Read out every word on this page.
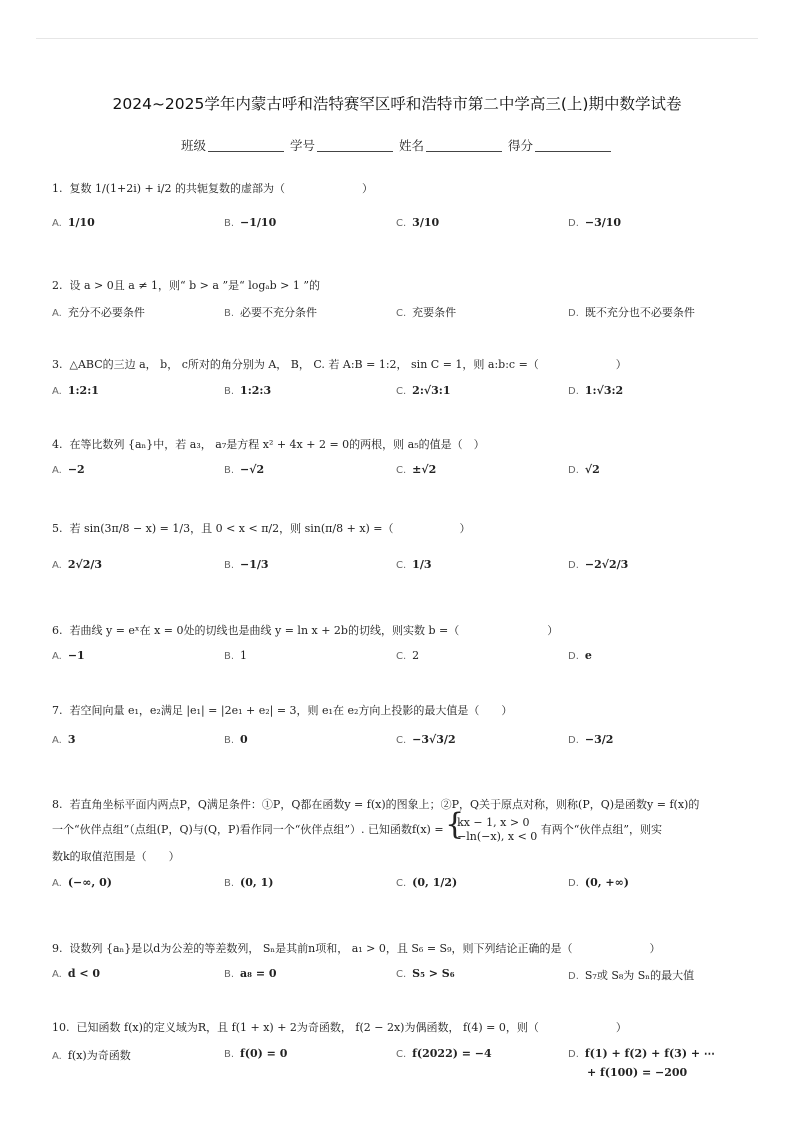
2024~2025学年内蒙古呼和浩特赛罕区呼和浩特市第二中学高三(上)期中数学试卷
班级	学号	姓名	得分
1. 复数 1/(1+2i) + i/2 的共轭复数的虚部为（　　　　　　　）
A. 1/10	B. −1/10	C. 3/10	D. −3/10
2. 设 a > 0且 a ≠ 1，则“ b > a ”是“ logₐb > 1 ”的
A. 充分不必要条件	B. 必要不充分条件	C. 充要条件	D. 既不充分也不必要条件
3. △ABC的三边 a， b， c所对的角分别为 A， B， C. 若 A:B = 1:2， sin C = 1，则 a:b:c =（　　　　　　　）
A. 1:2:1	B. 1:2:3	C. 2:√3:1	D. 1:√3:2
4. 在等比数列 {aₙ}中，若 a₃， a₇是方程 x² + 4x + 2 = 0的两根，则 a₅的值是（　）
A. −2	B. −√2	C. ±√2	D. √2
5. 若 sin(3π/8 − x) = 1/3，且 0 < x < π/2，则 sin(π/8 + x) =（　　　　　　）
A. 2√2/3	B. −1/3	C. 1/3	D. −2√2/3
6. 若曲线 y = eˣ在 x = 0处的切线也是曲线 y = ln x + 2b的切线，则实数 b =（　　　　　　　　）
A. −1	B. 1	C. 2	D. e
7. 若空间向量 e₁，e₂满足 |e₁| = |2e₁ + e₂| = 3，则 e₁在 e₂方向上投影的最大值是（　　）
A. 3	B. 0	C. −3√3/2	D. −3/2
8. 若直角坐标平面内两点P，Q满足条件：①P，Q都在函数y = f(x)的图象上；②P，Q关于原点对称，则称(P，Q)是函数y = f(x)的
一个“伙伴点组”（点组(P，Q)与(Q，P)看作同一个“伙伴点组”）. 已知函数f(x) =
{ kx − 1, x > 0
−ln(−x), x < 0
有两个“伙伴点组”，则实
数k的取值范围是（　　）
A. (−∞, 0)	B. (0, 1)	C. (0, 1/2)	D. (0, +∞)
9. 设数列 {aₙ}是以d为公差的等差数列， Sₙ是其前n项和， a₁ > 0，且 S₆ = S₉，则下列结论正确的是（　　　　　　　）
A. d < 0	B. a₈ = 0	C. S₅ > S₆	D. S₇或 S₈为 Sₙ的最大值
10. 已知函数 f(x)的定义域为R，且 f(1 + x) + 2为奇函数， f(2 − 2x)为偶函数， f(4) = 0，则（　　　　　　　）
A. f(x)为奇函数	B. f(0) = 0	C. f(2022) = −4	D. f(1) + f(2) + f(3) + ⋯
+ f(100) = −200
